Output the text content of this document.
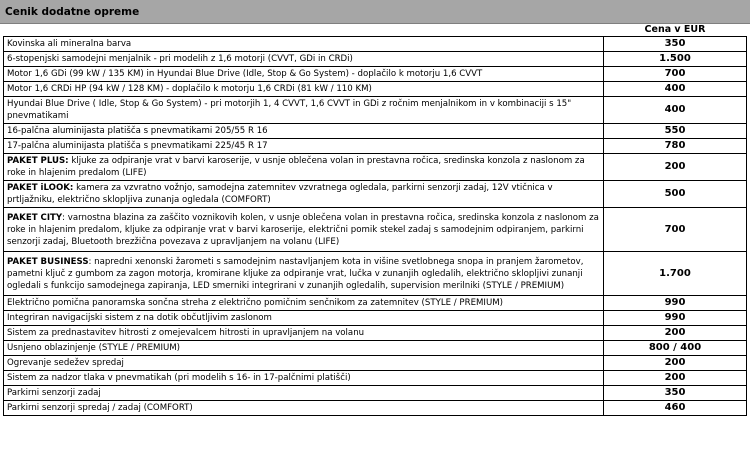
Cenik dodatne opreme
	Cena v EUR
Kovinska ali mineralna barva	350
6-stopenjski samodejni menjalnik - pri modelih z 1,6 motorji (CVVT, GDi in CRDi)	1.500
Motor 1,6 GDi (99 kW / 135 KM) in Hyundai Blue Drive (Idle, Stop & Go System) - doplačilo k motorju 1,6 CVVT	700
Motor 1,6 CRDi HP (94 kW / 128 KM) - doplačilo k motorju 1,6 CRDi (81 kW / 110 KM)	400
Hyundai Blue Drive ( Idle, Stop & Go System) - pri motorjih 1, 4 CVVT, 1,6 CVVT in GDi z ročnim menjalnikom in v kombinaciji s 15" pnevmatikami	400
16-palčna aluminijasta platišča s pnevmatikami 205/55 R 16	550
17-palčna aluminijasta platišča s pnevmatikami 225/45 R 17	780
PAKET PLUS: kljuke za odpiranje vrat v barvi karoserije, v usnje oblečena volan in prestavna ročica, sredinska konzola z naslonom za roke in hlajenim predalom (LIFE)	200
PAKET iLOOK: kamera za vzvratno vožnjo, samodejna zatemnitev vzvratnega ogledala, parkirni senzorji zadaj, 12V vtičnica v prtljažniku, električno sklopljiva zunanja ogledala (COMFORT)	500
PAKET CITY: varnostna blazina za zaščito voznikovih kolen, v usnje oblečena volan in prestavna ročica, sredinska konzola z naslonom za roke in hlajenim predalom, kljuke za odpiranje vrat v barvi karoserije, električni pomik stekel zadaj s samodejnim odpiranjem, parkirni senzorji zadaj, Bluetooth brezžična povezava z upravljanjem na volanu (LIFE)	700
PAKET BUSINESS: napredni xenonski žarometi s samodejnim nastavljanjem kota in višine svetlobnega snopa in pranjem žarometov, pametni ključ z gumbom za zagon motorja, kromirane kljuke za odpiranje vrat, lučka v zunanjih ogledalih, električno sklopljivi zunanji ogledali s funkcijo samodejnega zapiranja, LED smerniki integrirani v zunanjih ogledalih, supervision merilniki (STYLE / PREMIUM)	1.700
Električno pomična panoramska sončna streha z električno pomičnim senčnikom za zatemnitev (STYLE / PREMIUM)	990
Integriran navigacijski sistem z na dotik občutljivim zaslonom	990
Sistem za prednastavitev hitrosti z omejevalcem hitrosti in upravljanjem na volanu	200
Usnjeno oblazinjenje (STYLE / PREMIUM)	800 / 400
Ogrevanje sedežev spredaj	200
Sistem za nadzor tlaka v pnevmatikah (pri modelih s 16- in 17-palčnimi platišči)	200
Parkirni senzorji zadaj	350
Parkirni senzorji spredaj / zadaj (COMFORT)	460
